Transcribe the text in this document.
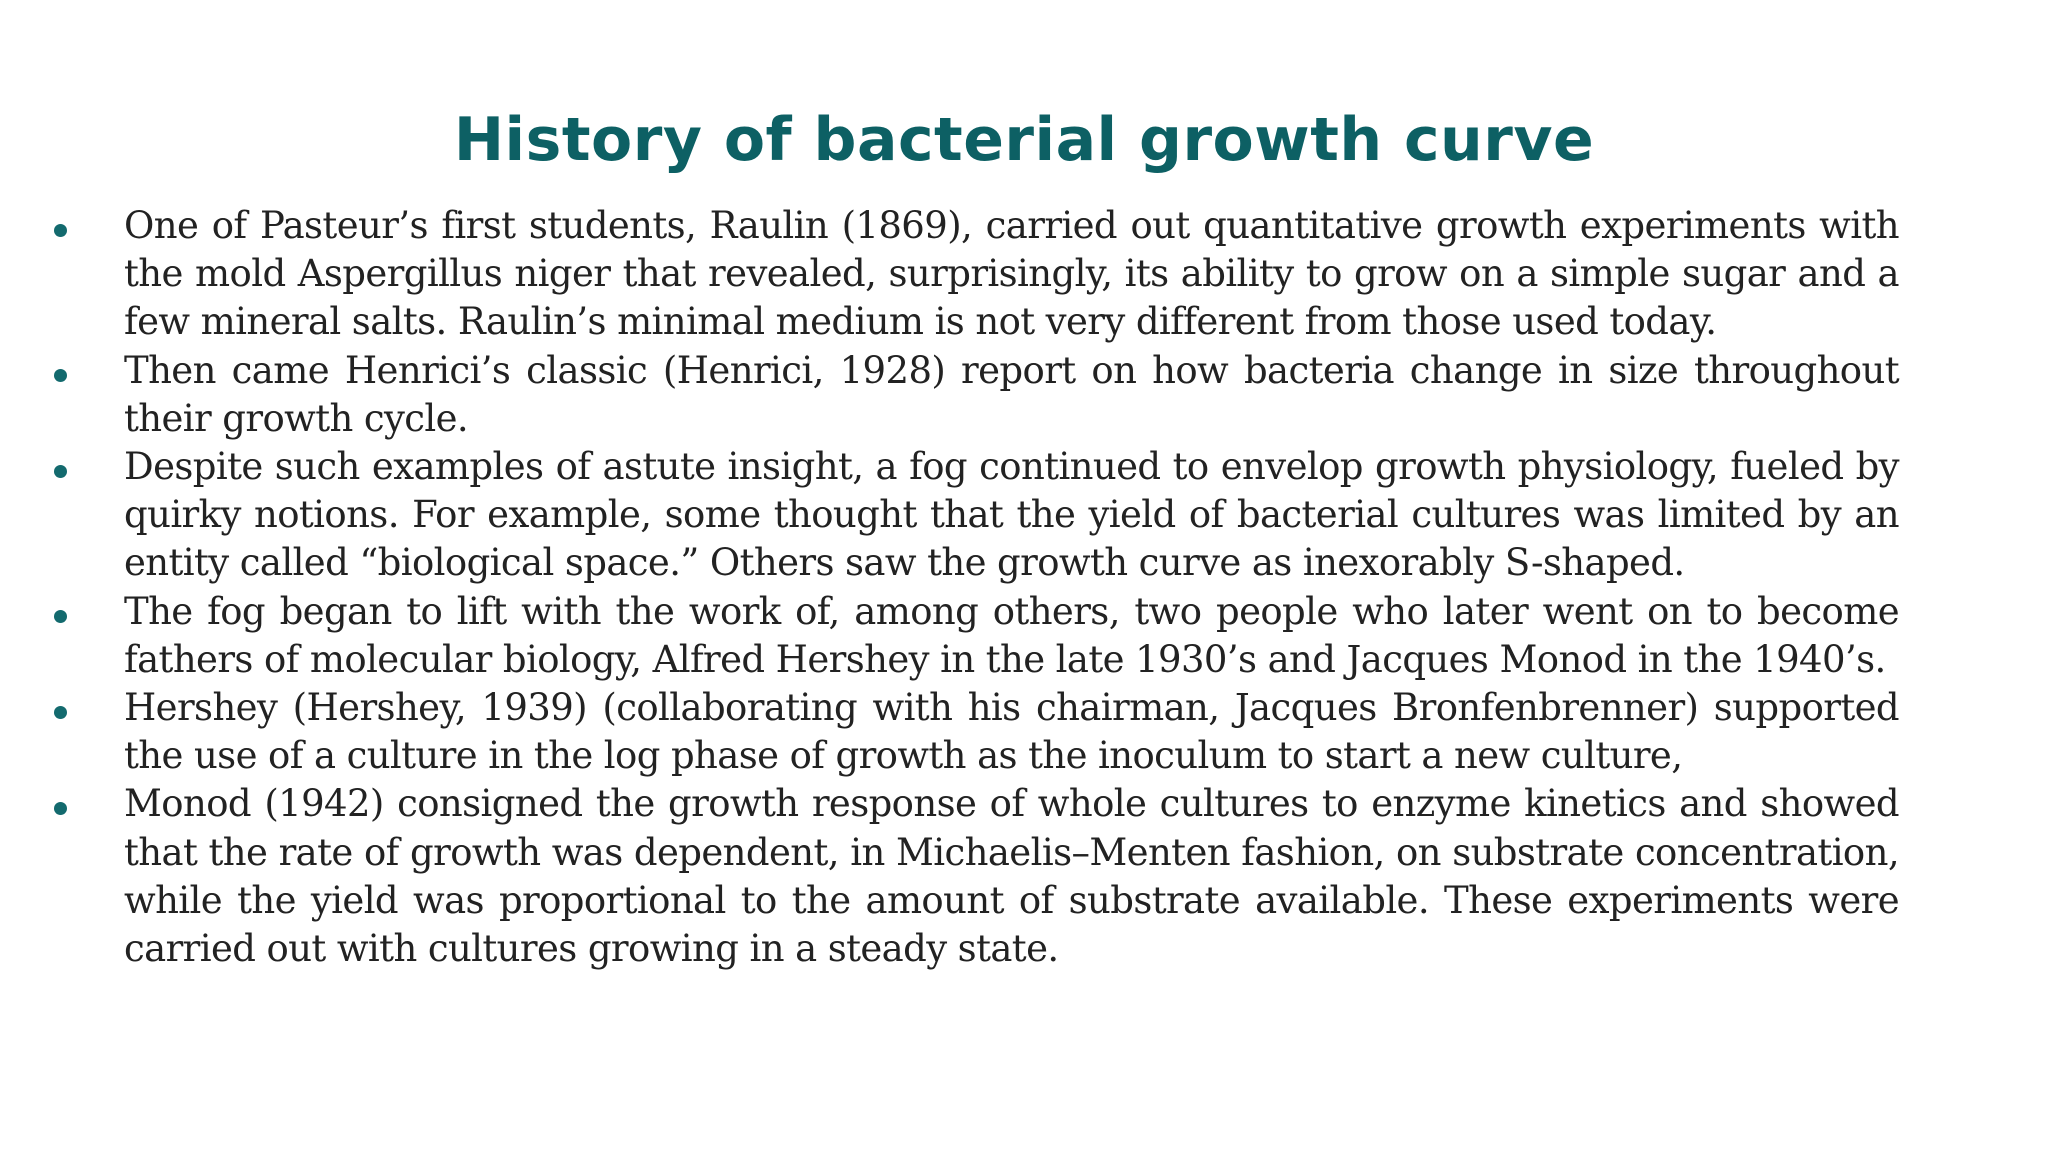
History of bacterial growth curve
One of Pasteur’s first students, Raulin (1869), carried out quantitative growth experiments with the mold Aspergillus niger that revealed, surprisingly, its ability to grow on a simple sugar and a few mineral salts. Raulin’s minimal medium is not very different from those used today.
Then came Henrici’s classic (Henrici, 1928) report on how bacteria change in size throughout their growth cycle.
Despite such examples of astute insight, a fog continued to envelop growth physiology, fueled by quirky notions. For example, some thought that the yield of bacterial cultures was limited by an entity called “biological space.” Others saw the growth curve as inexorably S-shaped.
The fog began to lift with the work of, among others, two people who later went on to become fathers of molecular biology, Alfred Hershey in the late 1930’s and Jacques Monod in the 1940’s.
Hershey (Hershey, 1939) (collaborating with his chairman, Jacques Bronfenbrenner) supported the use of a culture in the log phase of growth as the inoculum to start a new culture,
Monod (1942) consigned the growth response of whole cultures to enzyme kinetics and showed that the rate of growth was dependent, in Michaelis–Menten fashion, on substrate concentration, while the yield was proportional to the amount of substrate available. These experiments were carried out with cultures growing in a steady state.
